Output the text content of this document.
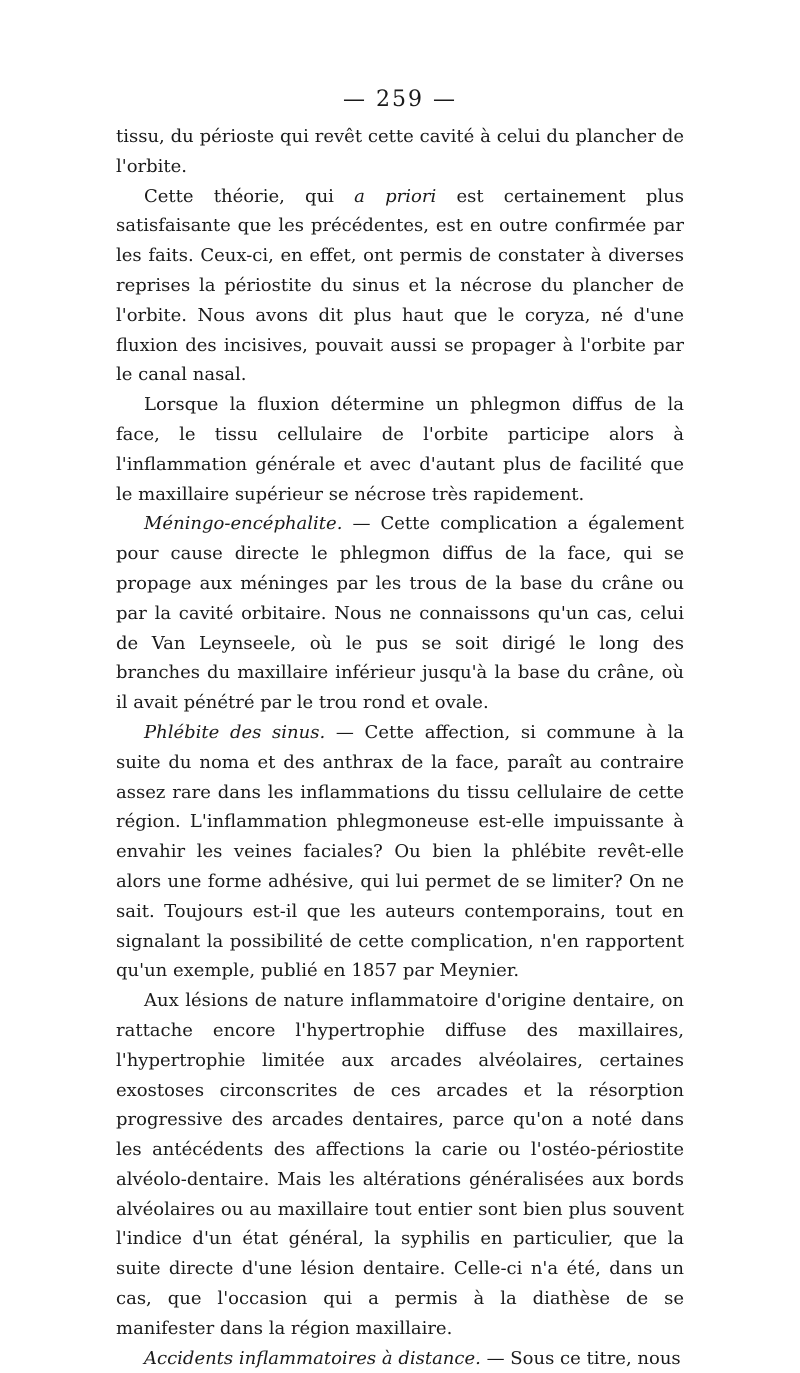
— 259 —

tissu, du périoste qui revêt cette cavité à celui du plancher de l'orbite.

Cette théorie, qui a priori est certainement plus satisfaisante que les précédentes, est en outre confirmée par les faits. Ceux-ci, en effet, ont permis de constater à diverses reprises la périostite du sinus et la nécrose du plancher de l'orbite. Nous avons dit plus haut que le coryza, né d'une fluxion des incisives, pouvait aussi se propager à l'orbite par le canal nasal.

Lorsque la fluxion détermine un phlegmon diffus de la face, le tissu cellulaire de l'orbite participe alors à l'inflammation générale et avec d'autant plus de facilité que le maxillaire supérieur se nécrose très rapidement.

Méningo-encéphalite. — Cette complication a également pour cause directe le phlegmon diffus de la face, qui se propage aux méninges par les trous de la base du crâne ou par la cavité orbitaire. Nous ne connaissons qu'un cas, celui de Van Leynseele, où le pus se soit dirigé le long des branches du maxillaire inférieur jusqu'à la base du crâne, où il avait pénétré par le trou rond et ovale.

Phlébite des sinus. — Cette affection, si commune à la suite du noma et des anthrax de la face, paraît au contraire assez rare dans les inflammations du tissu cellulaire de cette région. L'inflammation phlegmoneuse est-elle impuissante à envahir les veines faciales? Ou bien la phlébite revêt-elle alors une forme adhésive, qui lui permet de se limiter? On ne sait. Toujours est-il que les auteurs contemporains, tout en signalant la possibilité de cette complication, n'en rapportent qu'un exemple, publié en 1857 par Meynier.

Aux lésions de nature inflammatoire d'origine dentaire, on rattache encore l'hypertrophie diffuse des maxillaires, l'hypertrophie limitée aux arcades alvéolaires, certaines exostoses circonscrites de ces arcades et la résorption progressive des arcades dentaires, parce qu'on a noté dans les antécédents des affections la carie ou l'ostéo-périostite alvéolo-dentaire. Mais les altérations généralisées aux bords alvéolaires ou au maxillaire tout entier sont bien plus souvent l'indice d'un état général, la syphilis en particulier, que la suite directe d'une lésion dentaire. Celle-ci n'a été, dans un cas, que l'occasion qui a permis à la diathèse de se manifester dans la région maxillaire.

Accidents inflammatoires à distance. — Sous ce titre, nous
